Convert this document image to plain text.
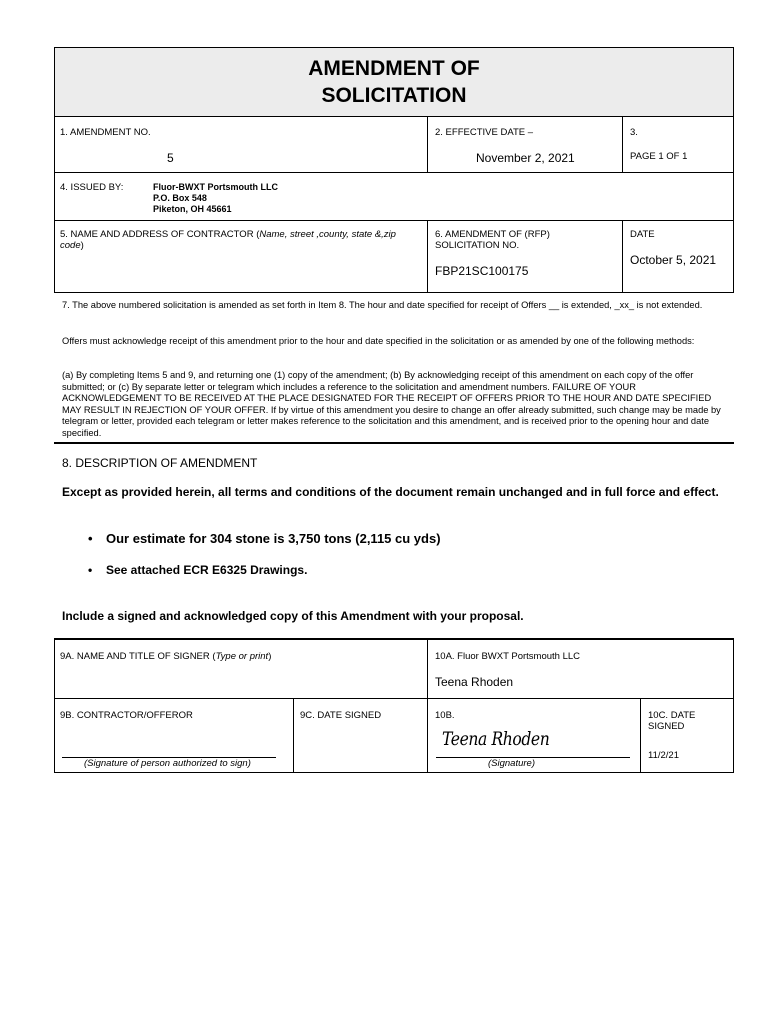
AMENDMENT OF SOLICITATION
1. AMENDMENT NO.
5
2. EFFECTIVE DATE –
November 2, 2021
3.
PAGE 1 OF 1
4. ISSUED BY:	Fluor-BWXT Portsmouth LLC
P.O. Box 548
Piketon, OH 45661
5. NAME AND ADDRESS OF CONTRACTOR (Name, street ,county, state &,zip code)
6. AMENDMENT OF (RFP) SOLICITATION NO.
FBP21SC100175
DATE
October 5, 2021
7. The above numbered solicitation is amended as set forth in Item 8. The hour and date specified for receipt of Offers __ is extended, _xx_ is not extended.
Offers must acknowledge receipt of this amendment prior to the hour and date specified in the solicitation or as amended by one of the following methods:
(a) By completing Items 5 and 9, and returning one (1) copy of the amendment; (b) By acknowledging receipt of this amendment on each copy of the offer submitted; or (c) By separate letter or telegram which includes a reference to the solicitation and amendment numbers. FAILURE OF YOUR ACKNOWLEDGEMENT TO BE RECEIVED AT THE PLACE DESIGNATED FOR THE RECEIPT OF OFFERS PRIOR TO THE HOUR AND DATE SPECIFIED MAY RESULT IN REJECTION OF YOUR OFFER. If by virtue of this amendment you desire to change an offer already submitted, such change may be made by telegram or letter, provided each telegram or letter makes reference to the solicitation and this amendment, and is received prior to the opening hour and date specified.
8. DESCRIPTION OF AMENDMENT
Except as provided herein, all terms and conditions of the document remain unchanged and in full force and effect.
• Our estimate for 304 stone is 3,750 tons (2,115 cu yds)
• See attached ECR E6325 Drawings.
Include a signed and acknowledged copy of this Amendment with your proposal.
9A. NAME AND TITLE OF SIGNER (Type or print)	10A. Fluor BWXT Portsmouth LLC
Teena Rhoden
9B. CONTRACTOR/OFFEROR
(Signature of person authorized to sign)
9C. DATE SIGNED	10B.
Teena Rhoden
(Signature)
10C. DATE SIGNED
11/2/21
